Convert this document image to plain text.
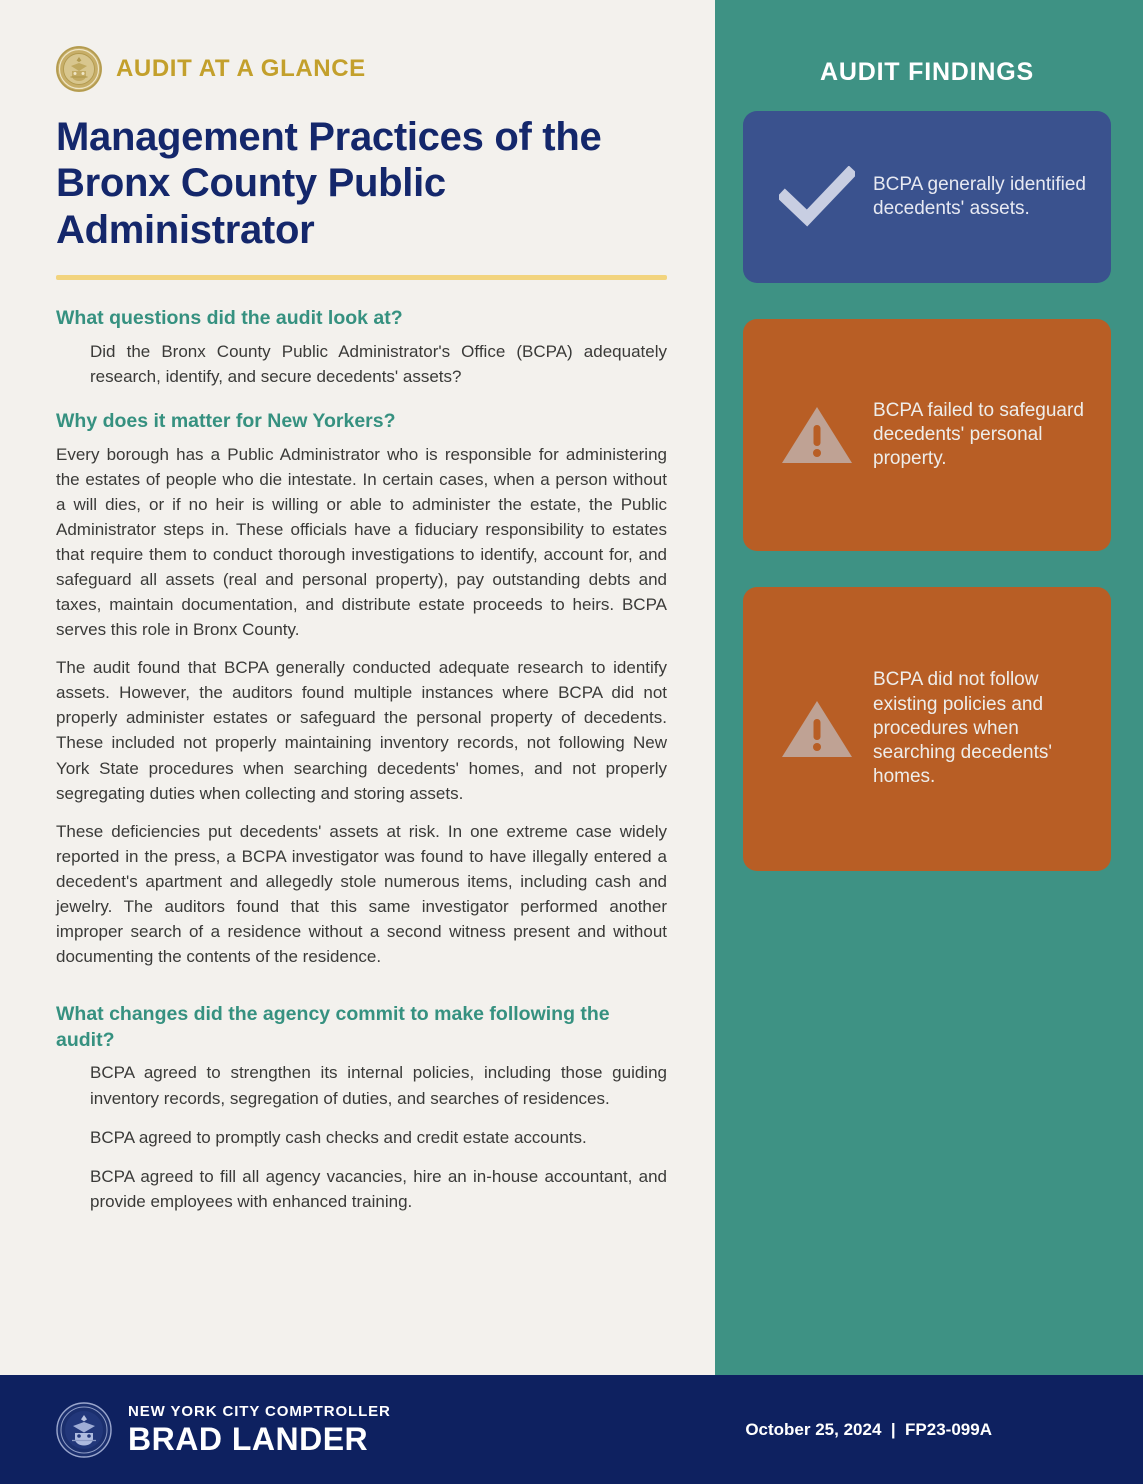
AUDIT AT A GLANCE
Management Practices of the Bronx County Public Administrator
What questions did the audit look at?
Did the Bronx County Public Administrator's Office (BCPA) adequately research, identify, and secure decedents' assets?
Why does it matter for New Yorkers?

Every borough has a Public Administrator who is responsible for administering the estates of people who die intestate. In certain cases, when a person without a will dies, or if no heir is willing or able to administer the estate, the Public Administrator steps in. These officials have a fiduciary responsibility to estates that require them to conduct thorough investigations to identify, account for, and safeguard all assets (real and personal property), pay outstanding debts and taxes, maintain documentation, and distribute estate proceeds to heirs. BCPA serves this role in Bronx County.

The audit found that BCPA generally conducted adequate research to identify assets. However, the auditors found multiple instances where BCPA did not properly administer estates or safeguard the personal property of decedents. These included not properly maintaining inventory records, not following New York State procedures when searching decedents' homes, and not properly segregating duties when collecting and storing assets.

These deficiencies put decedents' assets at risk. In one extreme case widely reported in the press, a BCPA investigator was found to have illegally entered a decedent's apartment and allegedly stole numerous items, including cash and jewelry. The auditors found that this same investigator performed another improper search of a residence without a second witness present and without documenting the contents of the residence.

What changes did the agency commit to make following the audit?
BCPA agreed to strengthen its internal policies, including those guiding inventory records, segregation of duties, and searches of residences.
BCPA agreed to promptly cash checks and credit estate accounts.
BCPA agreed to fill all agency vacancies, hire an in-house accountant, and provide employees with enhanced training.
AUDIT FINDINGS
BCPA generally identified decedents' assets.
BCPA failed to safeguard decedents' personal property.
BCPA did not follow existing policies and procedures when searching decedents' homes.
NEW YORK CITY COMPTROLLER
BRAD LANDER	October 25, 2024  |  FP23-099A
